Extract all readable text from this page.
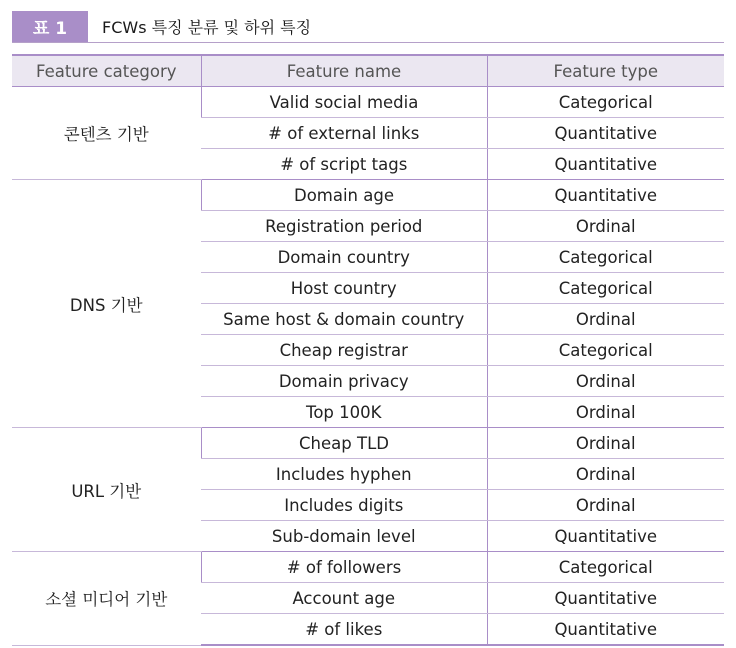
표 1	FCWs 특징 분류 및 하위 특징
Feature category	Feature name	Feature type
콘텐츠 기반	Valid social media	Categorical
	# of external links	Quantitative
	# of script tags	Quantitative
DNS 기반	Domain age	Quantitative
	Registration period	Ordinal
	Domain country	Categorical
	Host country	Categorical
	Same host & domain country	Ordinal
	Cheap registrar	Categorical
	Domain privacy	Ordinal
	Top 100K	Ordinal
URL 기반	Cheap TLD	Ordinal
	Includes hyphen	Ordinal
	Includes digits	Ordinal
	Sub-domain level	Quantitative
소셜 미디어 기반	# of followers	Categorical
	Account age	Quantitative
	# of likes	Quantitative
